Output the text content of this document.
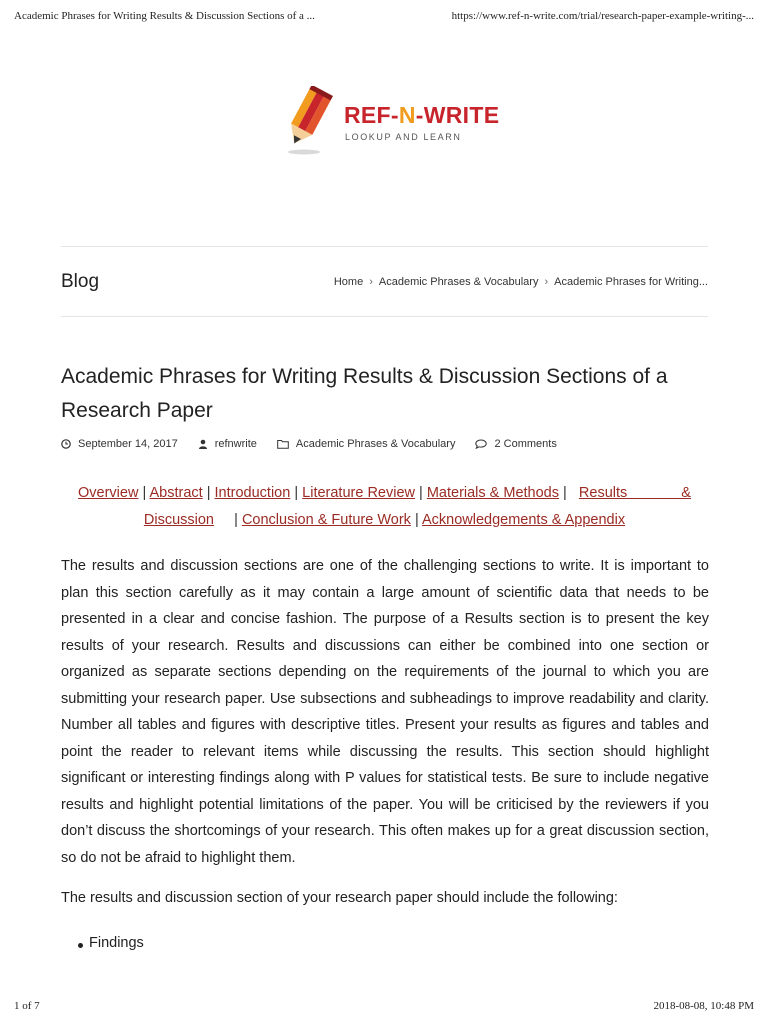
Academic Phrases for Writing Results & Discussion Sections of a ...	https://www.ref-n-write.com/trial/research-paper-example-writing-...
REF-N-WRITE
LOOKUP AND LEARN
Blog	Home › Academic Phrases & Vocabulary › Academic Phrases for Writing...
Academic Phrases for Writing Results & Discussion Sections of a Research Paper
September 14, 2017	refnwrite	Academic Phrases & Vocabulary	2 Comments
Overview | Abstract | Introduction | Literature Review | Materials & Methods | Results & Discussion | Conclusion & Future Work | Acknowledgements & Appendix

The results and discussion sections are one of the challenging sections to write. It is important to plan this section carefully as it may contain a large amount of scientific data that needs to be presented in a clear and concise fashion. The purpose of a Results section is to present the key results of your research. Results and discussions can either be combined into one section or organized as separate sections depending on the requirements of the journal to which you are submitting your research paper. Use subsections and subheadings to improve readability and clarity. Number all tables and figures with descriptive titles. Present your results as figures and tables and point the reader to relevant items while discussing the results. This section should highlight significant or interesting findings along with P values for statistical tests. Be sure to include negative results and highlight potential limitations of the paper. You will be criticised by the reviewers if you don’t discuss the shortcomings of your research. This often makes up for a great discussion section, so do not be afraid to highlight them.

The results and discussion section of your research paper should include the following:

Findings
1 of 7	2018-08-08, 10:48 PM
